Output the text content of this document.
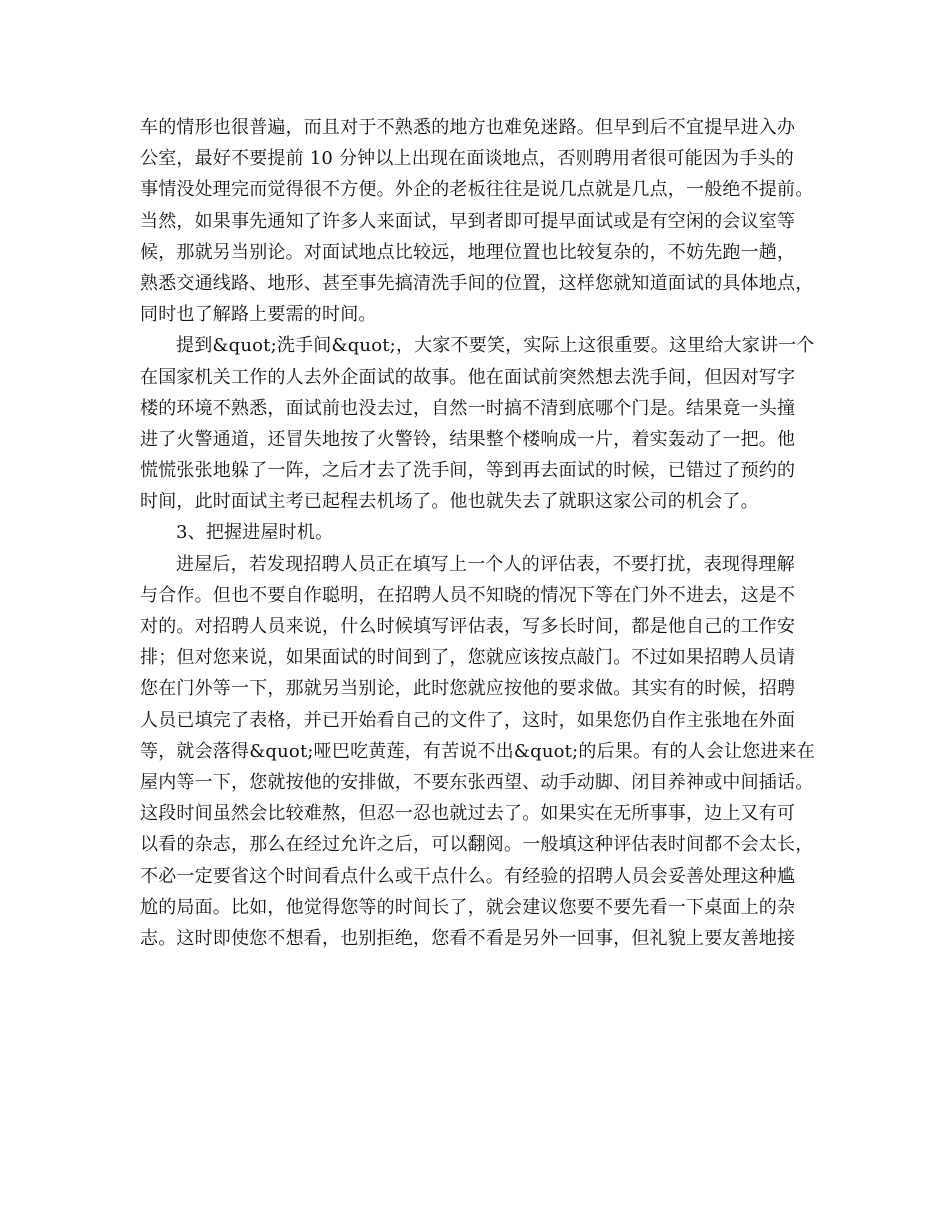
车的情形也很普遍，而且对于不熟悉的地方也难免迷路。但早到后不宜提早进入办
公室，最好不要提前 10 分钟以上出现在面谈地点，否则聘用者很可能因为手头的
事情没处理完而觉得很不方便。外企的老板往往是说几点就是几点，一般绝不提前。
当然，如果事先通知了许多人来面试，早到者即可提早面试或是有空闲的会议室等
候，那就另当别论。对面试地点比较远，地理位置也比较复杂的，不妨先跑一趟，
熟悉交通线路、地形、甚至事先搞清洗手间的位置，这样您就知道面试的具体地点，
同时也了解路上要需的时间。
提到&quot;洗手间&quot;，大家不要笑，实际上这很重要。这里给大家讲一个
在国家机关工作的人去外企面试的故事。他在面试前突然想去洗手间，但因对写字
楼的环境不熟悉，面试前也没去过，自然一时搞不清到底哪个门是。结果竟一头撞
进了火警通道，还冒失地按了火警铃，结果整个楼响成一片，着实轰动了一把。他
慌慌张张地躲了一阵，之后才去了洗手间，等到再去面试的时候，已错过了预约的
时间，此时面试主考已起程去机场了。他也就失去了就职这家公司的机会了。
3、把握进屋时机。
进屋后，若发现招聘人员正在填写上一个人的评估表，不要打扰，表现得理解
与合作。但也不要自作聪明，在招聘人员不知晓的情况下等在门外不进去，这是不
对的。对招聘人员来说，什么时候填写评估表，写多长时间，都是他自己的工作安
排；但对您来说，如果面试的时间到了，您就应该按点敲门。不过如果招聘人员请
您在门外等一下，那就另当别论，此时您就应按他的要求做。其实有的时候，招聘
人员已填完了表格，并已开始看自己的文件了，这时，如果您仍自作主张地在外面
等，就会落得&quot;哑巴吃黄莲，有苦说不出&quot;的后果。有的人会让您进来在
屋内等一下，您就按他的安排做，不要东张西望、动手动脚、闭目养神或中间插话。
这段时间虽然会比较难熬，但忍一忍也就过去了。如果实在无所事事，边上又有可
以看的杂志，那么在经过允许之后，可以翻阅。一般填这种评估表时间都不会太长，
不必一定要省这个时间看点什么或干点什么。有经验的招聘人员会妥善处理这种尴
尬的局面。比如，他觉得您等的时间长了，就会建议您要不要先看一下桌面上的杂
志。这时即使您不想看，也别拒绝，您看不看是另外一回事，但礼貌上要友善地接
